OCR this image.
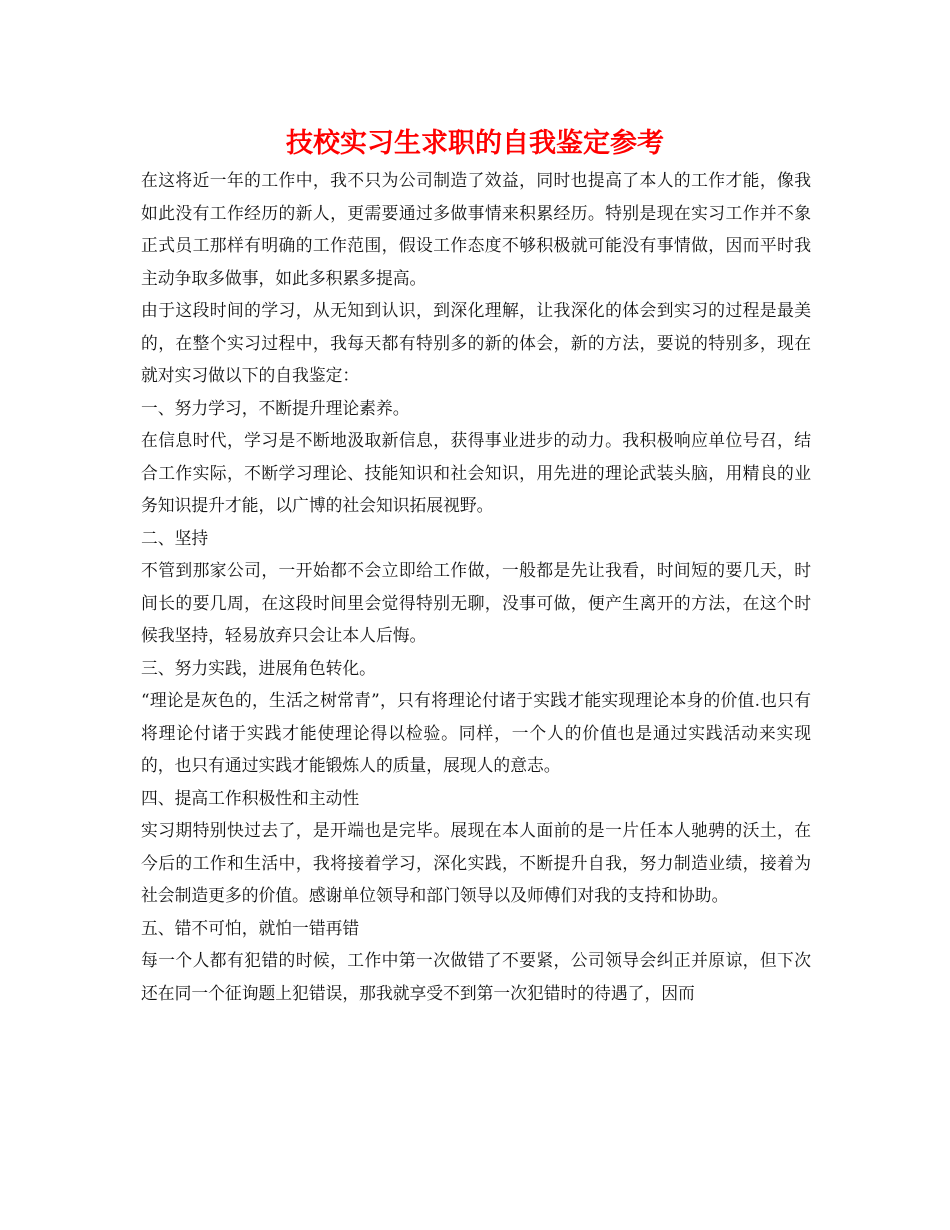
技校实习生求职的自我鉴定参考

在这将近一年的工作中，我不只为公司制造了效益，同时也提高了本人的工作才能，像我如此没有工作经历的新人，更需要通过多做事情来积累经历。特别是现在实习工作并不象正式员工那样有明确的工作范围，假设工作态度不够积极就可能没有事情做，因而平时我主动争取多做事，如此多积累多提高。

由于这段时间的学习，从无知到认识，到深化理解，让我深化的体会到实习的过程是最美的，在整个实习过程中，我每天都有特别多的新的体会，新的方法，要说的特别多，现在就对实习做以下的自我鉴定：

一、努力学习，不断提升理论素养。

在信息时代，学习是不断地汲取新信息，获得事业进步的动力。我积极响应单位号召，结合工作实际，不断学习理论、技能知识和社会知识，用先进的理论武装头脑，用精良的业务知识提升才能，以广博的社会知识拓展视野。

二、坚持

不管到那家公司，一开始都不会立即给工作做，一般都是先让我看，时间短的要几天，时间长的要几周，在这段时间里会觉得特别无聊，没事可做，便产生离开的方法，在这个时候我坚持，轻易放弃只会让本人后悔。

三、努力实践，进展角色转化。

“理论是灰色的，生活之树常青”，只有将理论付诸于实践才能实现理论本身的价值.也只有将理论付诸于实践才能使理论得以检验。同样，一个人的价值也是通过实践活动来实现的，也只有通过实践才能锻炼人的质量，展现人的意志。

四、提高工作积极性和主动性

实习期特别快过去了，是开端也是完毕。展现在本人面前的是一片任本人驰骋的沃土，在今后的工作和生活中，我将接着学习，深化实践，不断提升自我，努力制造业绩，接着为社会制造更多的价值。感谢单位领导和部门领导以及师傅们对我的支持和协助。

五、错不可怕，就怕一错再错

每一个人都有犯错的时候，工作中第一次做错了不要紧，公司领导会纠正并原谅，但下次还在同一个征询题上犯错误，那我就享受不到第一次犯错时的待遇了，因而
